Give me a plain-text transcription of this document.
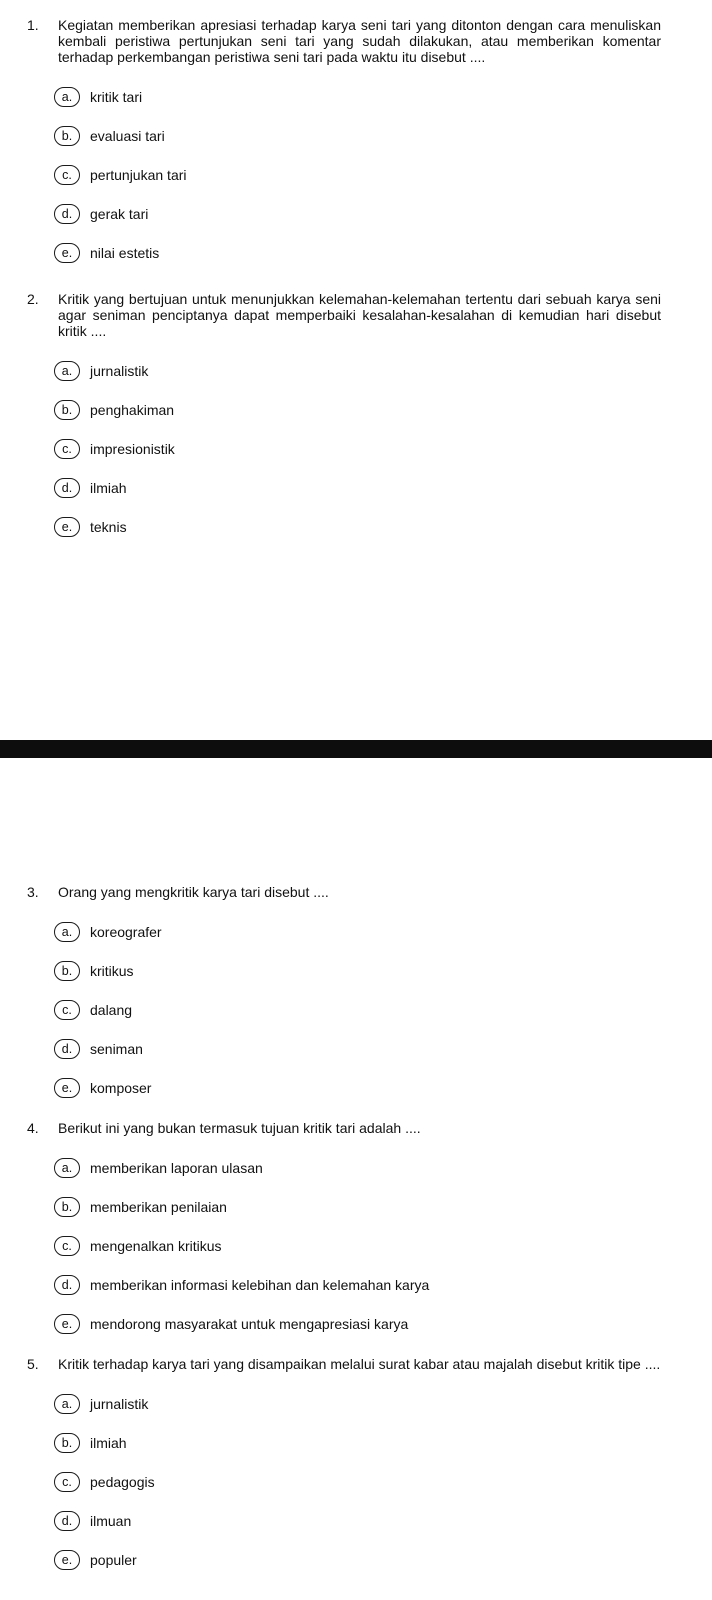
1.	Kegiatan memberikan apresiasi terhadap karya seni tari yang ditonton dengan cara menuliskan kembali peristiwa pertunjukan seni tari yang sudah dilakukan, atau memberikan komentar terhadap perkembangan peristiwa seni tari pada waktu itu disebut ....
a.	kritik tari
b.	evaluasi tari
c.	pertunjukan tari
d.	gerak tari
e.	nilai estetis
2.	Kritik yang bertujuan untuk menunjukkan kelemahan-kelemahan tertentu dari sebuah karya seni agar seniman penciptanya dapat memperbaiki kesalahan-kesalahan di kemudian hari disebut kritik ....
a.	jurnalistik
b.	penghakiman
c.	impresionistik
d.	ilmiah
e.	teknis
3.	Orang yang mengkritik karya tari disebut ....
a.	koreografer
b.	kritikus
c.	dalang
d.	seniman
e.	komposer
4.	Berikut ini yang bukan termasuk tujuan kritik tari adalah ....
a.	memberikan laporan ulasan
b.	memberikan penilaian
c.	mengenalkan kritikus
d.	memberikan informasi kelebihan dan kelemahan karya
e.	mendorong masyarakat untuk mengapresiasi karya
5.	Kritik terhadap karya tari yang disampaikan melalui surat kabar atau majalah disebut kritik tipe ....
a.	jurnalistik
b.	ilmiah
c.	pedagogis
d.	ilmuan
e.	populer
